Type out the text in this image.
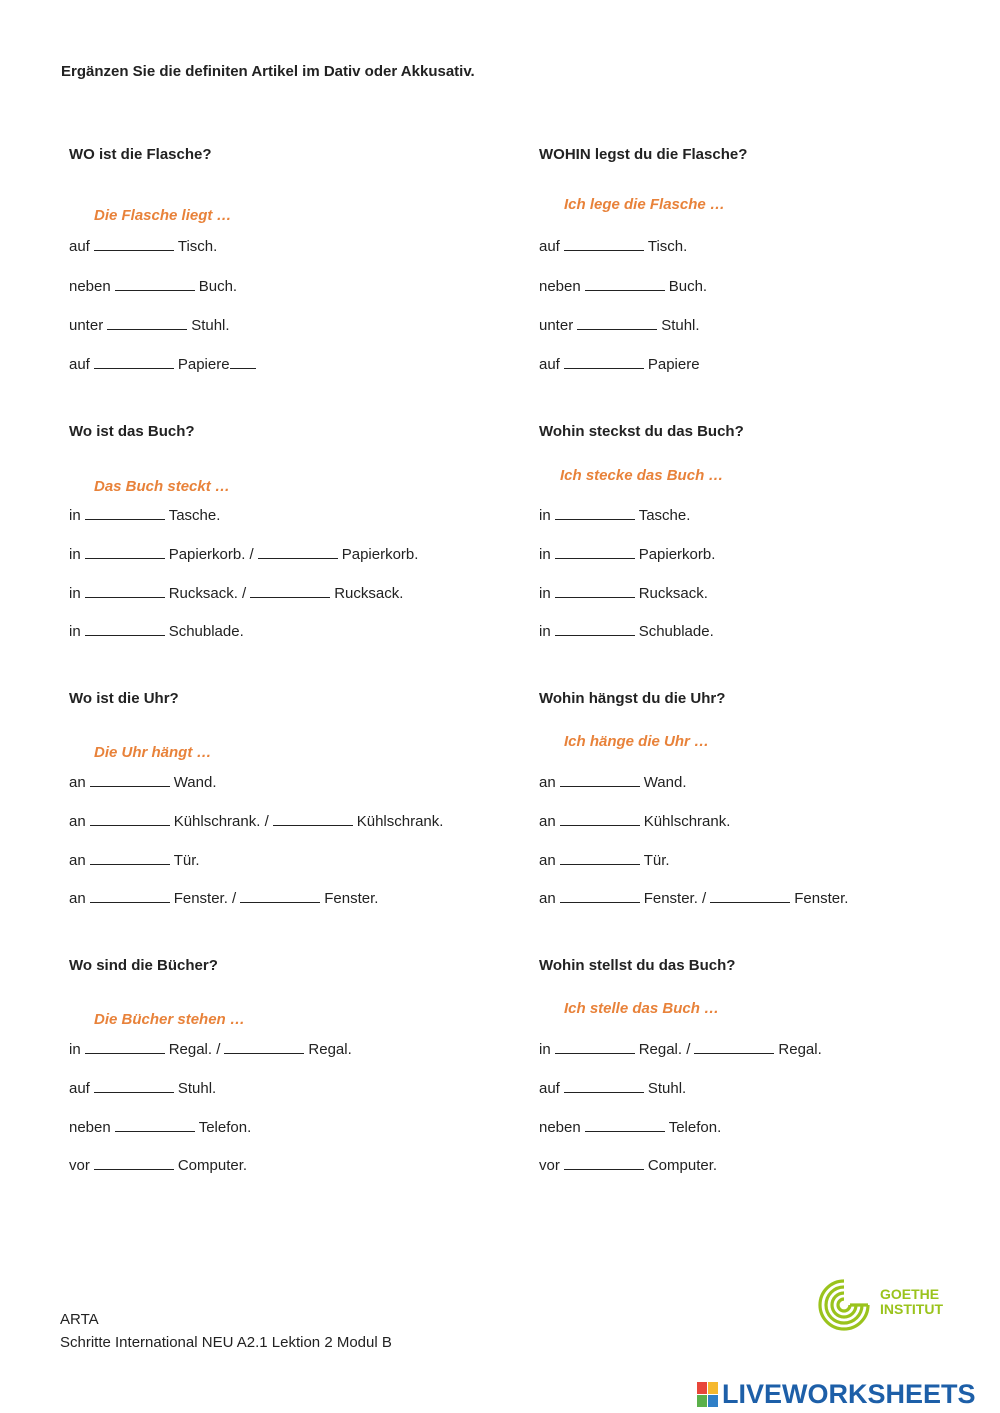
Ergänzen Sie die definiten Artikel im Dativ oder Akkusativ.
WO ist die Flasche?
Die Flasche liegt …
auf	Tisch.
neben	Buch.
unter	Stuhl.
auf	Papiere
WOHIN legst du die Flasche?
Ich lege die Flasche …
auf	Tisch.
neben	Buch.
unter	Stuhl.
auf	Papiere
Wo ist das Buch?
Das Buch steckt …
in	Tasche.
in	Papierkorb. /	Papierkorb.
in	Rucksack. /	Rucksack.
in	Schublade.
Wohin steckst du das Buch?
Ich stecke das Buch …
in	Tasche.
in	Papierkorb.
in	Rucksack.
in	Schublade.
Wo ist die Uhr?
Die Uhr hängt …
an	Wand.
an	Kühlschrank. /	Kühlschrank.
an	Tür.
an	Fenster. /	Fenster.
Wohin hängst du die Uhr?
Ich hänge die Uhr …
an	Wand.
an	Kühlschrank.
an	Tür.
an	Fenster. /	Fenster.
Wo sind die Bücher?
Die Bücher stehen …
in	Regal. /	Regal.
auf	Stuhl.
neben	Telefon.
vor	Computer.
Wohin stellst du das Buch?
Ich stelle das Buch …
in	Regal. /	Regal.
auf	Stuhl.
neben	Telefon.
vor	Computer.
ARTA
Schritte International NEU A2.1 Lektion 2 Modul B
GOETHE
INSTITUT
LIVEWORKSHEETS
